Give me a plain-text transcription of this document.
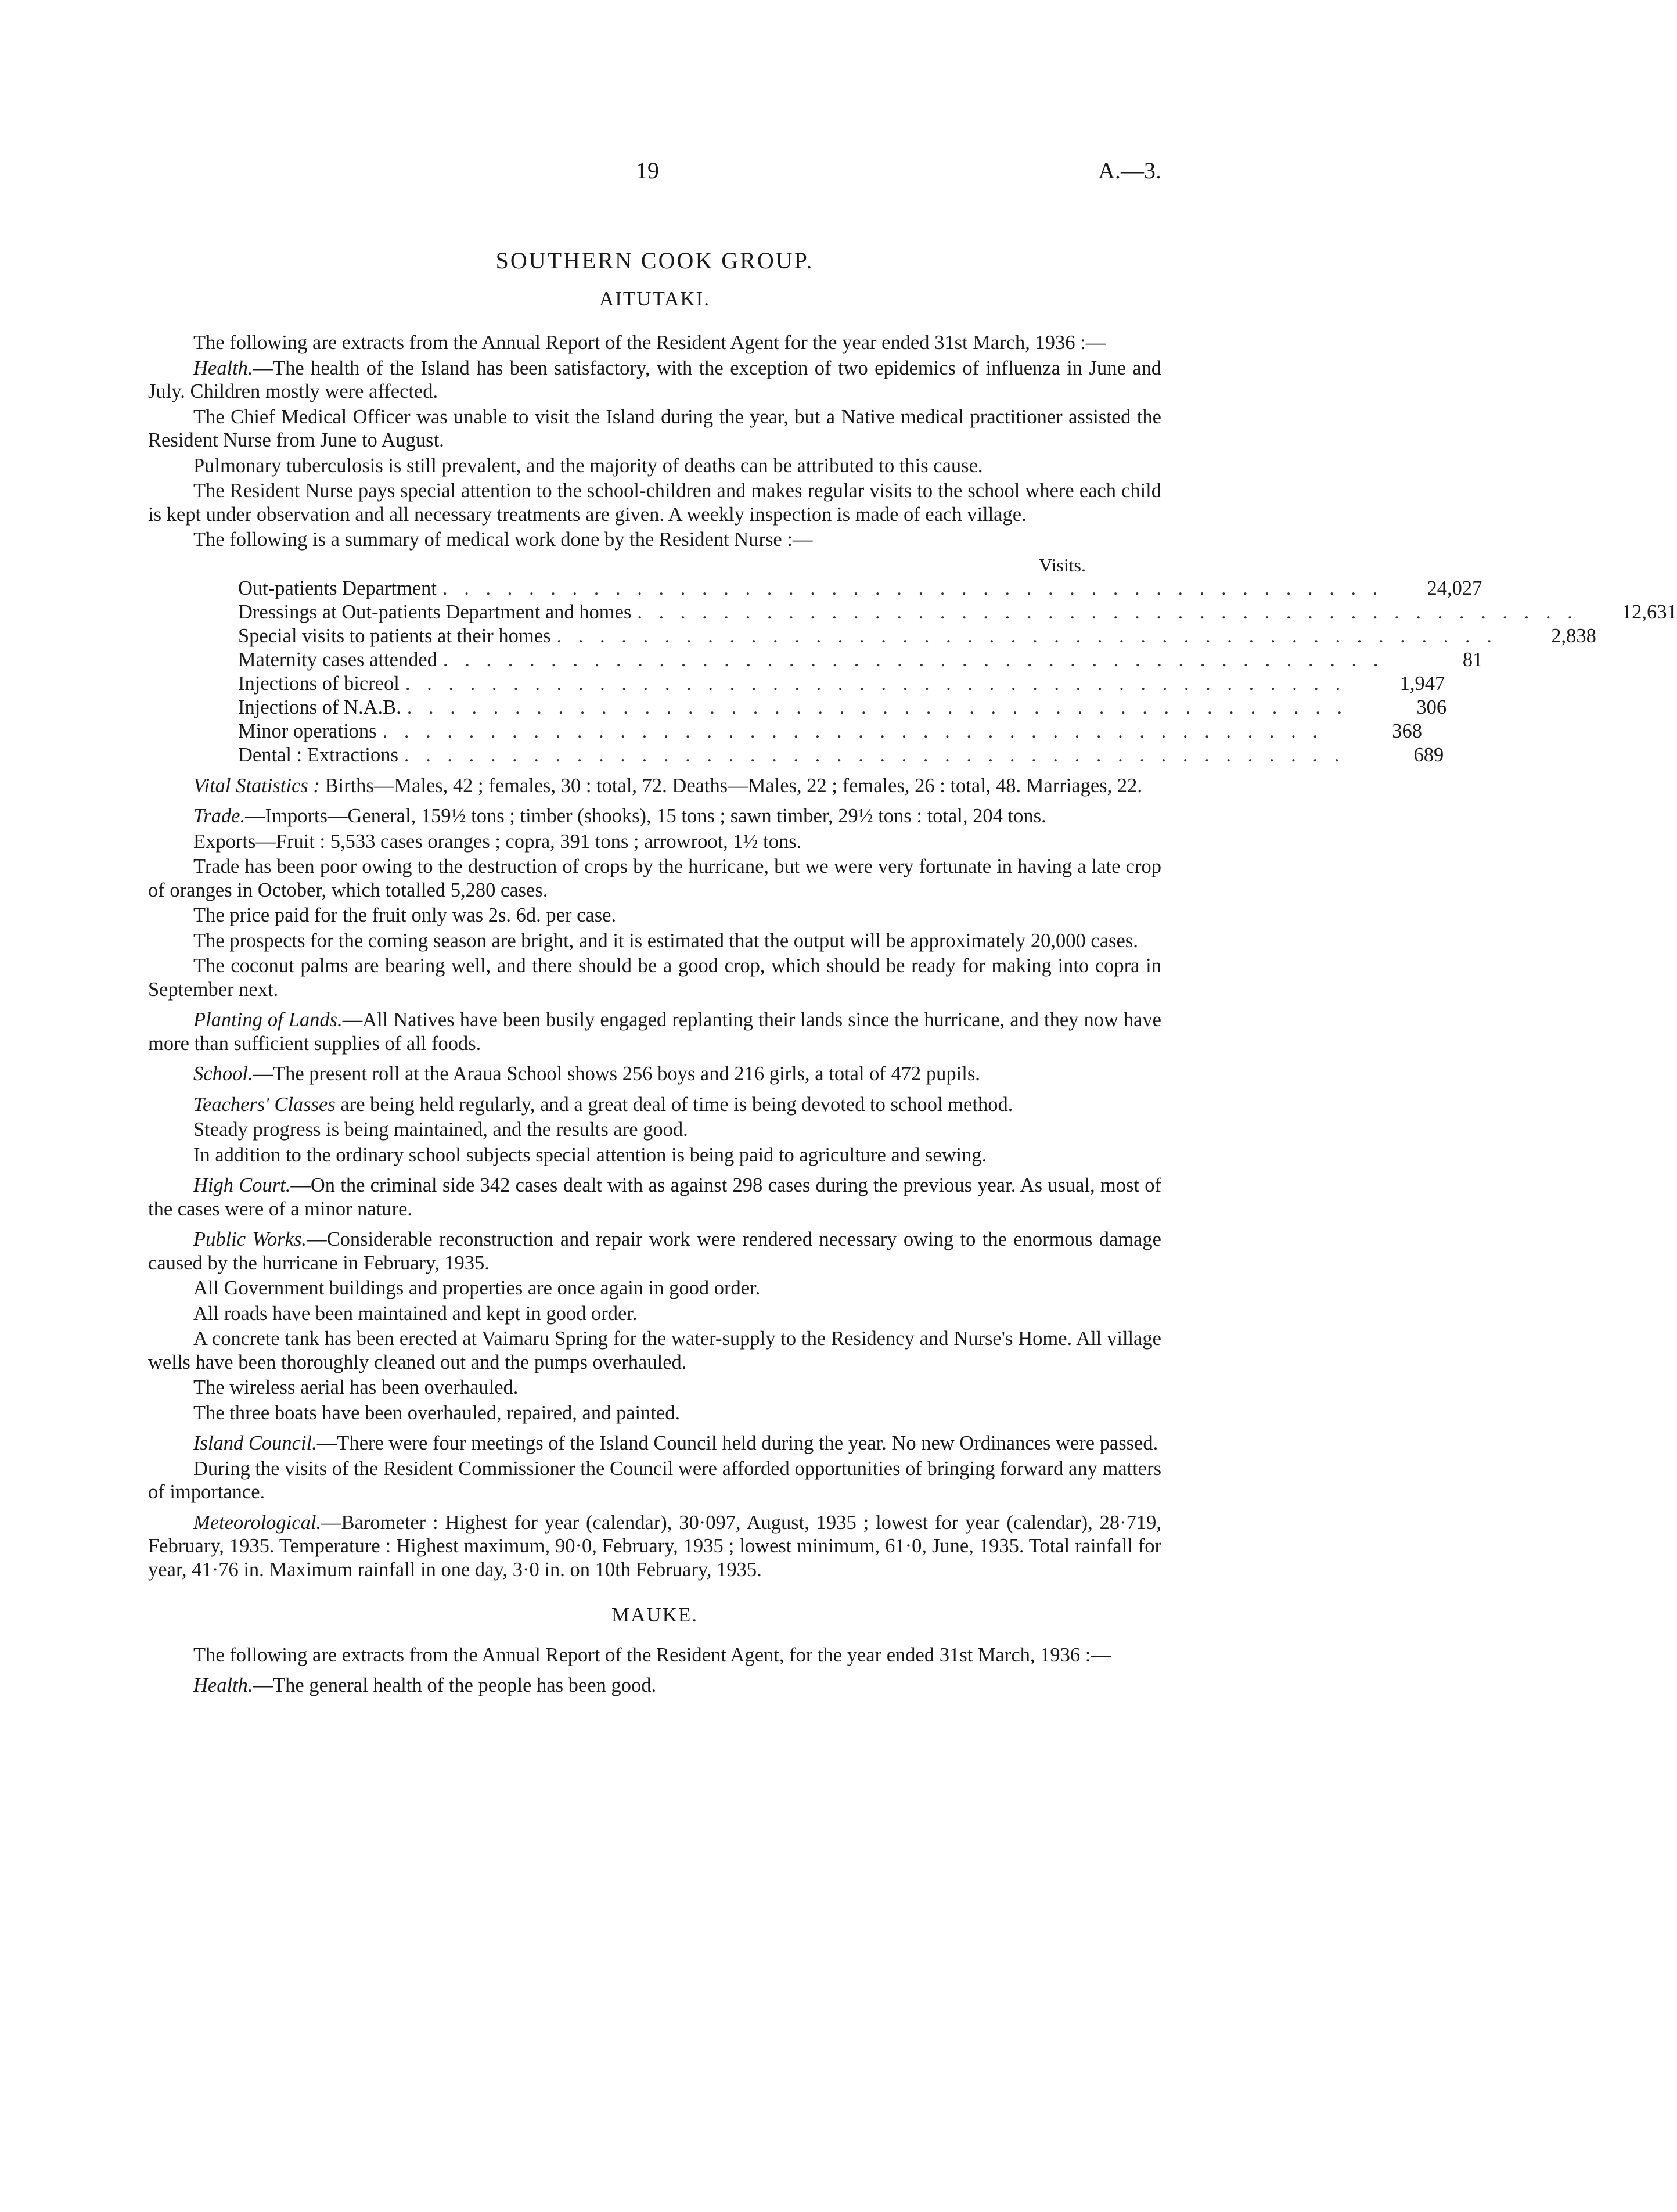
19	A.—3.
SOUTHERN COOK GROUP.
AITUTAKI.

The following are extracts from the Annual Report of the Resident Agent for the year ended 31st March, 1936 :—

Health.—The health of the Island has been satisfactory, with the exception of two epidemics of influenza in June and July. Children mostly were affected.

The Chief Medical Officer was unable to visit the Island during the year, but a Native medical practitioner assisted the Resident Nurse from June to August.

Pulmonary tuberculosis is still prevalent, and the majority of deaths can be attributed to this cause.

The Resident Nurse pays special attention to the school-children and makes regular visits to the school where each child is kept under observation and all necessary treatments are given. A weekly inspection is made of each village.

The following is a summary of medical work done by the Resident Nurse :—

Visits.
Out-patients Department . . . . . . . . . . . . . . . . . . . . . . . . . . . . . . . . . . . . . . . . . . . .	24,027
Dressings at Out-patients Department and homes . . . . . . . . . . . . . . . . . . . . . . . . . . . . . . . . . . . . . . . . . . . .	12,631
Special visits to patients at their homes . . . . . . . . . . . . . . . . . . . . . . . . . . . . . . . . . . . . . . . . . . . .	2,838
Maternity cases attended . . . . . . . . . . . . . . . . . . . . . . . . . . . . . . . . . . . . . . . . . . . .	81
Injections of bicreol . . . . . . . . . . . . . . . . . . . . . . . . . . . . . . . . . . . . . . . . . . . .	1,947
Injections of N.A.B. . . . . . . . . . . . . . . . . . . . . . . . . . . . . . . . . . . . . . . . . . . . .	306
Minor operations . . . . . . . . . . . . . . . . . . . . . . . . . . . . . . . . . . . . . . . . . . . .	368
Dental : Extractions . . . . . . . . . . . . . . . . . . . . . . . . . . . . . . . . . . . . . . . . . . . .	689

Vital Statistics : Births—Males, 42 ; females, 30 : total, 72. Deaths—Males, 22 ; females, 26 : total, 48. Marriages, 22.

Trade.—Imports—General, 159½ tons ; timber (shooks), 15 tons ; sawn timber, 29½ tons : total, 204 tons.

Exports—Fruit : 5,533 cases oranges ; copra, 391 tons ; arrowroot, 1½ tons.

Trade has been poor owing to the destruction of crops by the hurricane, but we were very fortunate in having a late crop of oranges in October, which totalled 5,280 cases.

The price paid for the fruit only was 2s. 6d. per case.

The prospects for the coming season are bright, and it is estimated that the output will be approximately 20,000 cases.

The coconut palms are bearing well, and there should be a good crop, which should be ready for making into copra in September next.

Planting of Lands.—All Natives have been busily engaged replanting their lands since the hurricane, and they now have more than sufficient supplies of all foods.

School.—The present roll at the Araua School shows 256 boys and 216 girls, a total of 472 pupils.

Teachers' Classes are being held regularly, and a great deal of time is being devoted to school method.

Steady progress is being maintained, and the results are good.

In addition to the ordinary school subjects special attention is being paid to agriculture and sewing.

High Court.—On the criminal side 342 cases dealt with as against 298 cases during the previous year. As usual, most of the cases were of a minor nature.

Public Works.—Considerable reconstruction and repair work were rendered necessary owing to the enormous damage caused by the hurricane in February, 1935.

All Government buildings and properties are once again in good order.

All roads have been maintained and kept in good order.

A concrete tank has been erected at Vaimaru Spring for the water-supply to the Residency and Nurse's Home. All village wells have been thoroughly cleaned out and the pumps overhauled.

The wireless aerial has been overhauled.

The three boats have been overhauled, repaired, and painted.

Island Council.—There were four meetings of the Island Council held during the year. No new Ordinances were passed.

During the visits of the Resident Commissioner the Council were afforded opportunities of bringing forward any matters of importance.

Meteorological.—Barometer : Highest for year (calendar), 30·097, August, 1935 ; lowest for year (calendar), 28·719, February, 1935. Temperature : Highest maximum, 90·0, February, 1935 ; lowest minimum, 61·0, June, 1935. Total rainfall for year, 41·76 in. Maximum rainfall in one day, 3·0 in. on 10th February, 1935.

MAUKE.

The following are extracts from the Annual Report of the Resident Agent, for the year ended 31st March, 1936 :—

Health.—The general health of the people has been good.
